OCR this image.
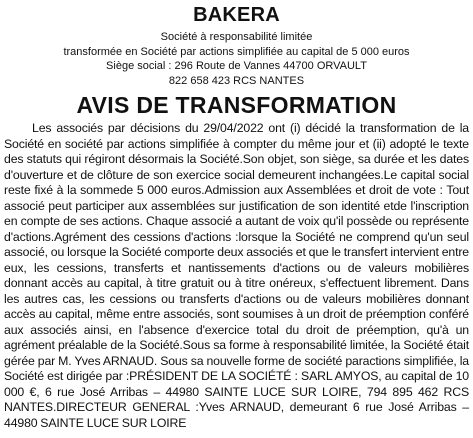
BAKERA

Société à responsabilité limitée

transformée en Société par actions simplifiée au capital de 5 000 euros

Siège social : 296 Route de Vannes 44700 ORVAULT

822 658 423 RCS NANTES

AVIS DE TRANSFORMATION

Les associés par décisions du 29/04/2022 ont (i) décidé la transformation de la Société en société par actions simplifiée à compter du même jour et (ii) adopté le texte des statuts qui régiront désormais la Société.Son objet, son siège, sa durée et les dates d'ouverture et de clôture de son exercice social demeurent inchangées.Le capital social reste fixé à la sommede 5 000 euros.Admission aux Assemblées et droit de vote : Tout associé peut participer aux assemblées sur justification de son identité etde l'inscription en compte de ses actions. Chaque associé a autant de voix qu'il possède ou représente d'actions.Agrément des cessions d'actions :lorsque la Société ne comprend qu'un seul associé, ou lorsque la Société comporte deux associés et que le transfert intervient entre eux, les cessions, transferts et nantissements d'actions ou de valeurs mobilières donnant accès au capital, à titre gratuit ou à titre onéreux, s'effectuent librement. Dans les autres cas, les cessions ou transferts d'actions ou de valeurs mobilières donnant accès au capital, même entre associés, sont soumises à un droit de préemption conféré aux associés ainsi, en l'absence d'exercice total du droit de préemption, qu'à un agrément préalable de la Société.Sous sa forme à responsabilité limitée, la Société était gérée par M. Yves ARNAUD. Sous sa nouvelle forme de société paractions simplifiée, la Société est dirigée par :PRÉSIDENT DE LA SOCIÉTÉ : SARL AMYOS, au capital de 10 000 €, 6 rue José Arribas – 44980 SAINTE LUCE SUR LOIRE, 794 895 462 RCS NANTES.DIRECTEUR GENERAL :Yves ARNAUD, demeurant 6 rue José Arribas – 44980 SAINTE LUCE SUR LOIRE
